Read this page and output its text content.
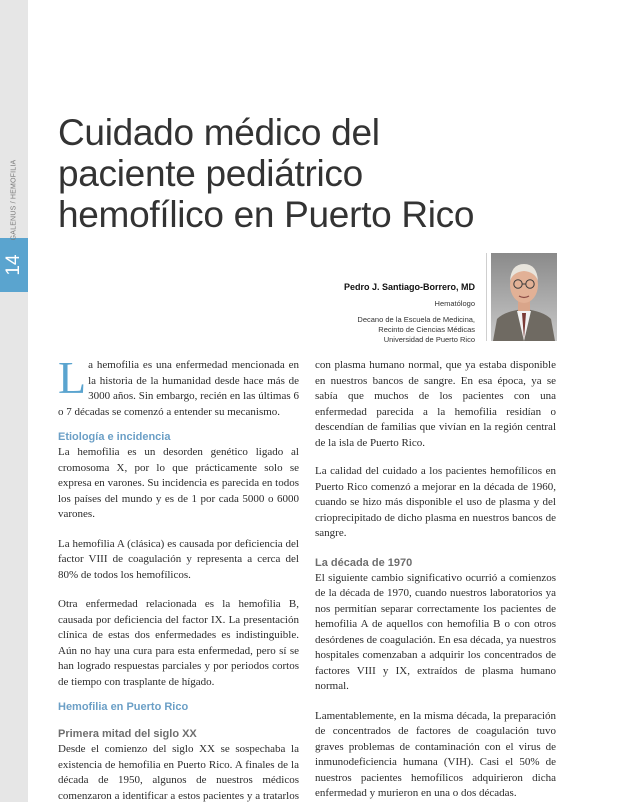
14
GALENUS / HEMOFILIA
Cuidado médico del
paciente pediátrico
hemofílico en Puerto Rico
Pedro J. Santiago-Borrero, MD
Hematólogo
Decano de la Escuela de Medicina,
Recinto de Ciencias Médicas
Universidad de Puerto Rico

La hemofilia es una enfermedad mencionada en la historia de la humanidad desde hace más de 3000 años. Sin embargo, recién en las últimas 6 o 7 décadas se comenzó a entender su mecanismo.

Etiología e incidencia

La hemofilia es un desorden genético ligado al cromosoma X, por lo que prácticamente solo se expresa en varones. Su incidencia es parecida en todos los países del mundo y es de 1 por cada 5000 o 6000 varones.

La hemofilia A (clásica) es causada por deficiencia del factor VIII de coagulación y representa a cerca del 80% de todos los hemofílicos.

Otra enfermedad relacionada es la hemofilia B, causada por deficiencia del factor IX. La presentación clínica de estas dos enfermedades es indistinguible. Aún no hay una cura para esta enfermedad, pero sí se han logrado respuestas parciales y por periodos cortos de tiempo con trasplante de hígado.

Hemofilia en Puerto Rico
Primera mitad del siglo XX

Desde el comienzo del siglo XX se sospechaba la existencia de hemofilia en Puerto Rico. A finales de la década de 1950, algunos de nuestros médicos comenzaron a identificar a estos pacientes y a tratarlos

con plasma humano normal, que ya estaba disponible en nuestros bancos de sangre. En esa época, ya se sabía que muchos de los pacientes con una enfermedad parecida a la hemofilia residían o descendían de familias que vivían en la región central de la isla de Puerto Rico.

La calidad del cuidado a los pacientes hemofílicos en Puerto Rico comenzó a mejorar en la década de 1960, cuando se hizo más disponible el uso de plasma y del crioprecipitado de dicho plasma en nuestros bancos de sangre.

La década de 1970

El siguiente cambio significativo ocurrió a comienzos de la década de 1970, cuando nuestros laboratorios ya nos permitían separar correctamente los pacientes de hemofilia A de aquellos con hemofilia B o con otros desórdenes de coagulación. En esa década, ya nuestros hospitales comenzaban a adquirir los concentrados de factores VIII y IX, extraídos de plasma humano normal.

Lamentablemente, en la misma década, la preparación de concentrados de factores de coagulación tuvo graves problemas de contaminación con el virus de inmunodeficiencia humana (VIH). Casi el 50% de nuestros pacientes hemofílicos adquirieron dicha enfermedad y murieron en una o dos décadas.
